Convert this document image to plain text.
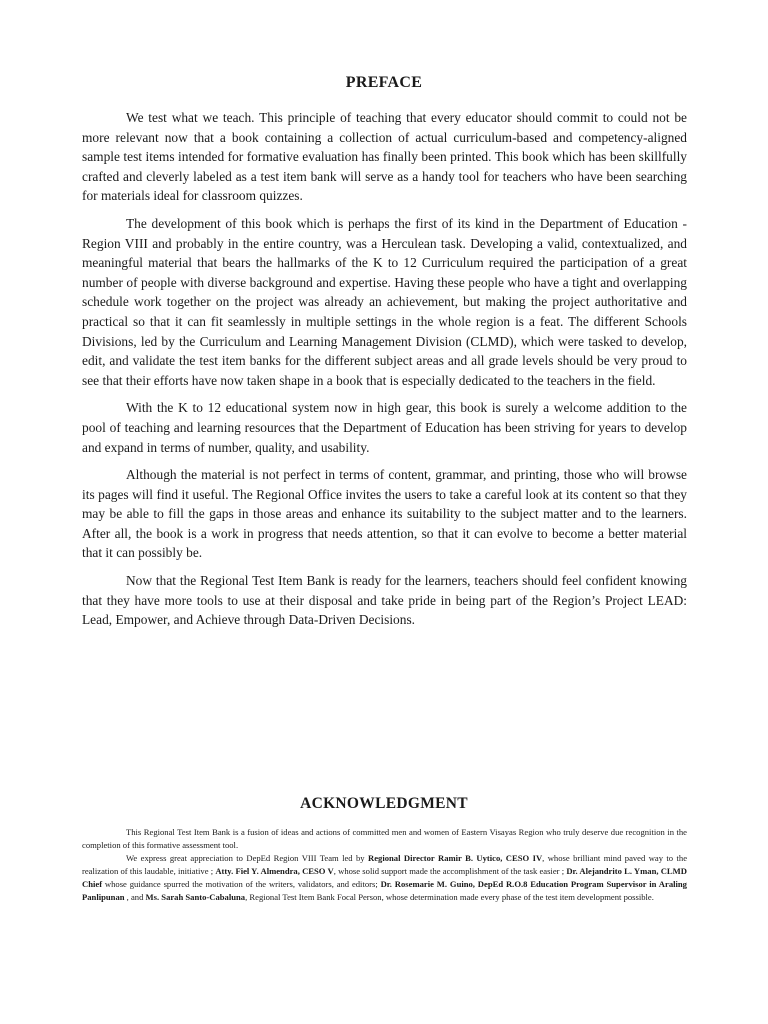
PREFACE

We test what we teach. This principle of teaching that every educator should commit to could not be more relevant now that a book containing a collection of actual curriculum-based and competency-aligned sample test items intended for formative evaluation has finally been printed. This book which has been skillfully crafted and cleverly labeled as a test item bank will serve as a handy tool for teachers who have been searching for materials ideal for classroom quizzes.

The development of this book which is perhaps the first of its kind in the Department of Education - Region VIII and probably in the entire country, was a Herculean task. Developing a valid, contextualized, and meaningful material that bears the hallmarks of the K to 12 Curriculum required the participation of a great number of people with diverse background and expertise. Having these people who have a tight and overlapping schedule work together on the project was already an achievement, but making the project authoritative and practical so that it can fit seamlessly in multiple settings in the whole region is a feat. The different Schools Divisions, led by the Curriculum and Learning Management Division (CLMD), which were tasked to develop, edit, and validate the test item banks for the different subject areas and all grade levels should be very proud to see that their efforts have now taken shape in a book that is especially dedicated to the teachers in the field.

With the K to 12 educational system now in high gear, this book is surely a welcome addition to the pool of teaching and learning resources that the Department of Education has been striving for years to develop and expand in terms of number, quality, and usability.

Although the material is not perfect in terms of content, grammar, and printing, those who will browse its pages will find it useful. The Regional Office invites the users to take a careful look at its content so that they may be able to fill the gaps in those areas and enhance its suitability to the subject matter and to the learners. After all, the book is a work in progress that needs attention, so that it can evolve to become a better material that it can possibly be.

Now that the Regional Test Item Bank is ready for the learners, teachers should feel confident knowing that they have more tools to use at their disposal and take pride in being part of the Region’s Project LEAD: Lead, Empower, and Achieve through Data-Driven Decisions.

ACKNOWLEDGMENT

This Regional Test Item Bank is a fusion of ideas and actions of committed men and women of Eastern Visayas Region who truly deserve due recognition in the completion of this formative assessment tool.

We express great appreciation to DepEd Region VIII Team led by Regional Director Ramir B. Uytico, CESO IV, whose brilliant mind paved way to the realization of this laudable, initiative ; Atty. Fiel Y. Almendra, CESO V, whose solid support made the accomplishment of the task easier ; Dr. Alejandrito L. Yman, CLMD Chief whose guidance spurred the motivation of the writers, validators, and editors; Dr. Rosemarie M. Guino, DepEd R.O.8 Education Program Supervisor in Araling Panlipunan , and Ms. Sarah Santo-Cabaluna, Regional Test Item Bank Focal Person, whose determination made every phase of the test item development possible.
